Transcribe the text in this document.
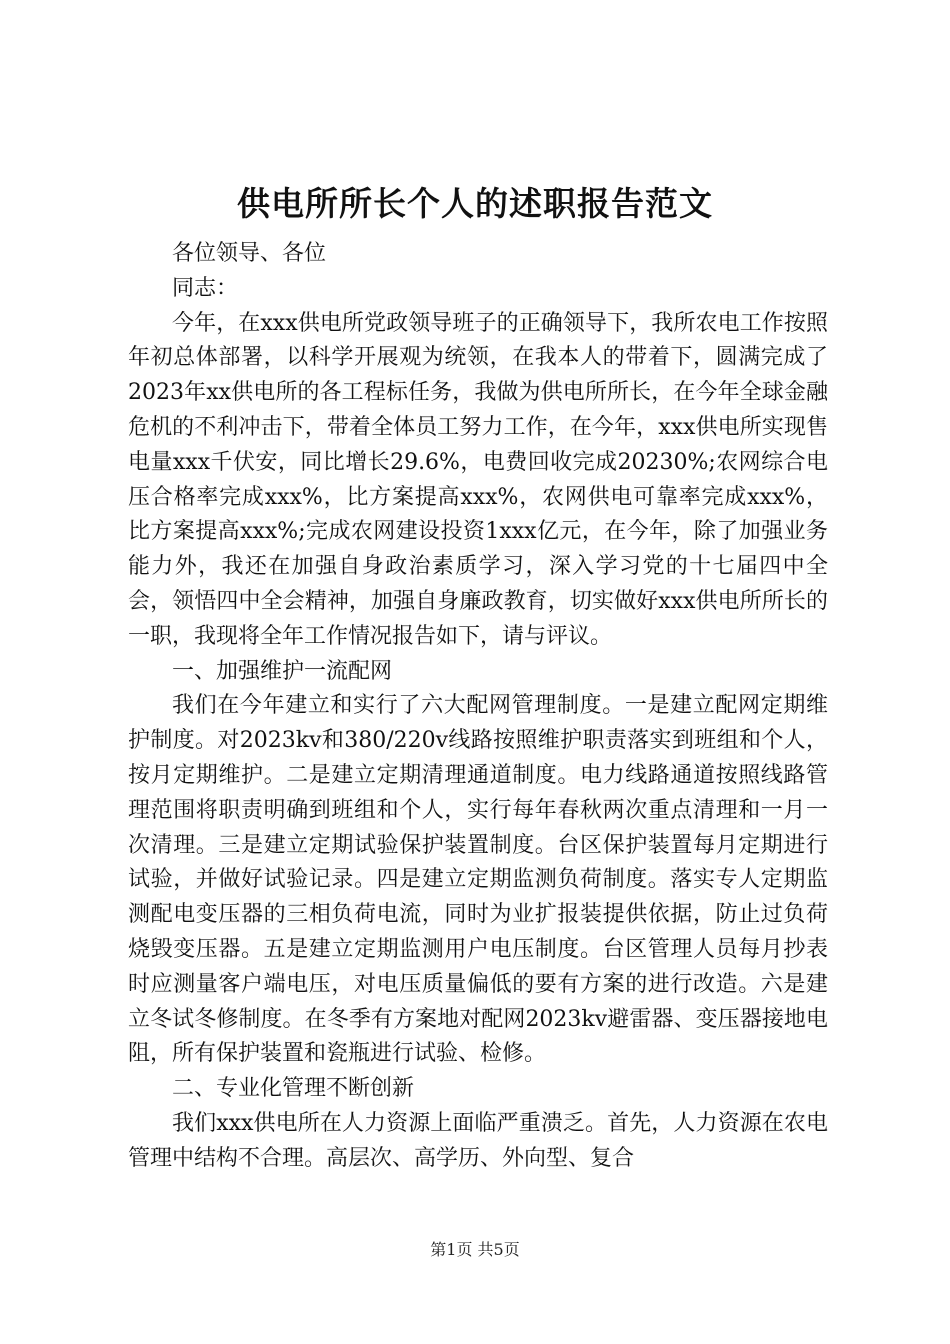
供电所所长个人的述职报告范文

各位领导、各位

同志：

今年，在xxx供电所党政领导班子的正确领导下，我所农电工作按照年初总体部署，以科学开展观为统领，在我本人的带着下，圆满完成了2023年xx供电所的各工程标任务，我做为供电所所长，在今年全球金融危机的不利冲击下，带着全体员工努力工作，在今年，xxx供电所实现售电量xxx千伏安，同比增长29.6%，电费回收完成20230%;农网综合电压合格率完成xxx%，比方案提高xxx%，农网供电可靠率完成xxx%，比方案提高xxx%;完成农网建设投资1xxx亿元，在今年，除了加强业务能力外，我还在加强自身政治素质学习，深入学习党的十七届四中全会，领悟四中全会精神，加强自身廉政教育，切实做好xxx供电所所长的一职，我现将全年工作情况报告如下，请与评议。

一、加强维护一流配网

我们在今年建立和实行了六大配网管理制度。一是建立配网定期维护制度。对2023kv和380/220v线路按照维护职责落实到班组和个人，按月定期维护。二是建立定期清理通道制度。电力线路通道按照线路管理范围将职责明确到班组和个人，实行每年春秋两次重点清理和一月一次清理。三是建立定期试验保护装置制度。台区保护装置每月定期进行试验，并做好试验记录。四是建立定期监测负荷制度。落实专人定期监测配电变压器的三相负荷电流，同时为业扩报装提供依据，防止过负荷烧毁变压器。五是建立定期监测用户电压制度。台区管理人员每月抄表时应测量客户端电压，对电压质量偏低的要有方案的进行改造。六是建立冬试冬修制度。在冬季有方案地对配网2023kv避雷器、变压器接地电阻，所有保护装置和瓷瓶进行试验、检修。

二、专业化管理不断创新

我们xxx供电所在人力资源上面临严重溃乏。首先，人力资源在农电管理中结构不合理。高层次、高学历、外向型、复合

第1页 共5页
